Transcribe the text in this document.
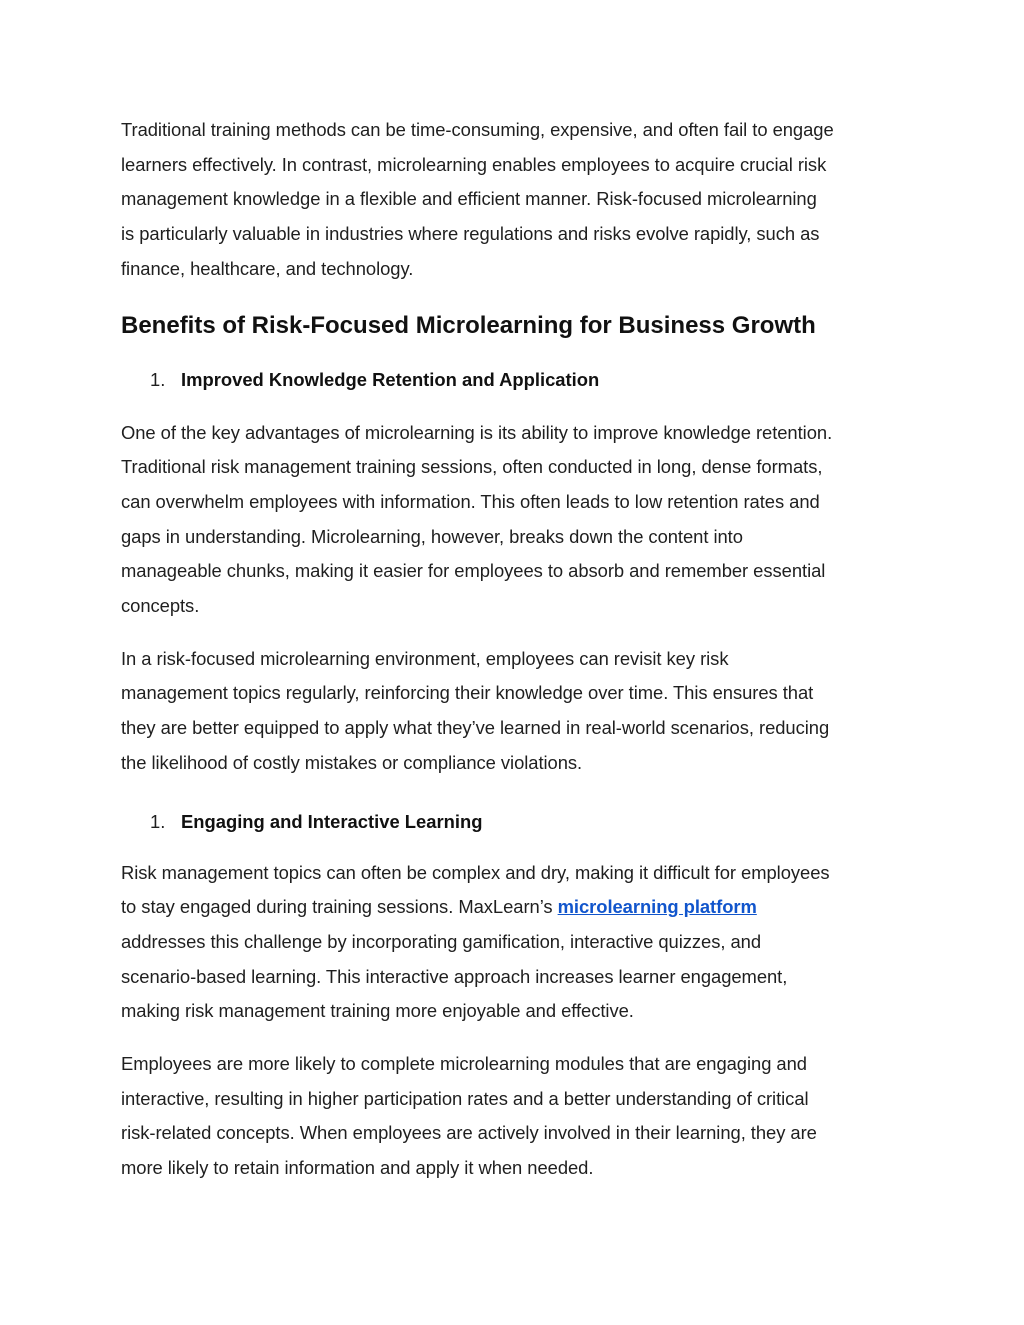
Traditional training methods can be time-consuming, expensive, and often fail to engage
learners effectively. In contrast, microlearning enables employees to acquire crucial risk
management knowledge in a flexible and efficient manner. Risk-focused microlearning
is particularly valuable in industries where regulations and risks evolve rapidly, such as
finance, healthcare, and technology.

Benefits of Risk-Focused Microlearning for Business Growth
1. Improved Knowledge Retention and Application

One of the key advantages of microlearning is its ability to improve knowledge retention.
Traditional risk management training sessions, often conducted in long, dense formats,
can overwhelm employees with information. This often leads to low retention rates and
gaps in understanding. Microlearning, however, breaks down the content into
manageable chunks, making it easier for employees to absorb and remember essential
concepts.

In a risk-focused microlearning environment, employees can revisit key risk
management topics regularly, reinforcing their knowledge over time. This ensures that
they are better equipped to apply what they’ve learned in real-world scenarios, reducing
the likelihood of costly mistakes or compliance violations.

1. Engaging and Interactive Learning

Risk management topics can often be complex and dry, making it difficult for employees
to stay engaged during training sessions. MaxLearn’s microlearning platform
addresses this challenge by incorporating gamification, interactive quizzes, and
scenario-based learning. This interactive approach increases learner engagement,
making risk management training more enjoyable and effective.

Employees are more likely to complete microlearning modules that are engaging and
interactive, resulting in higher participation rates and a better understanding of critical
risk-related concepts. When employees are actively involved in their learning, they are
more likely to retain information and apply it when needed.
